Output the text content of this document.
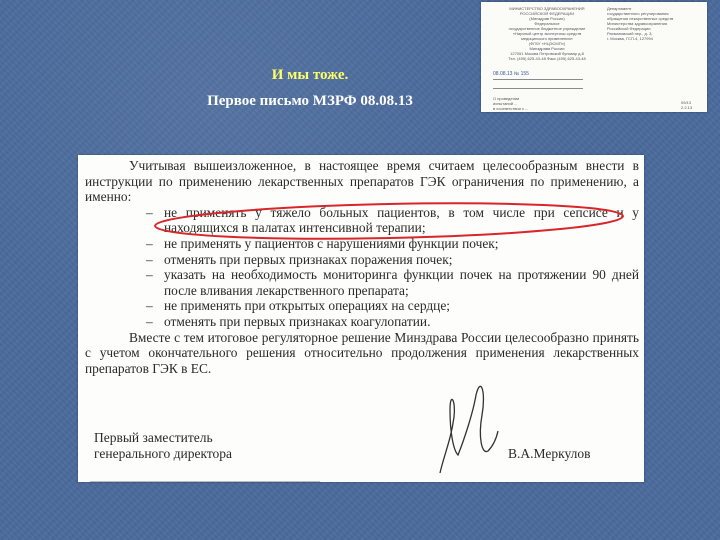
И мы тоже.
Первое письмо МЗРФ 08.08.13
МИНИСТЕРСТВО ЗДРАВООХРАНЕНИЯ
РОССИЙСКОЙ ФЕДЕРАЦИИ
(Минздрав России)
Федеральное
государственное бюджетное учреждение
«Научный центр экспертизы средств
медицинского применения»
(ФГБУ «НЦЭСМП»)
Минздрава России
127051 Москва Петровский бульвар д.8
Тел. (495) 625-43-48 Факс (495) 625-43-48
Департамент
государственного регулирования
обращения лекарственных средств
Министерства здравоохранения
Российской Федерации
Рахмановский пер., д. 3,
г. Москва, ГСП-4, 127994
08.08.13 № 155
О проведении
испытаний ...
в соответствии с ...
09/13
2.2.13

Учитывая вышеизложенное, в настоящее время считаем целесообразным внести в инструкции по применению лекарственных препаратов ГЭК ограничения по применению, а именно:

– не применять у тяжело больных пациентов, в том числе при сепсисе и у находящихся в палатах интенсивной терапии;
– не применять у пациентов с нарушениями функции почек;
– отменять при первых признаках поражения почек;
– указать на необходимость мониторинга функции почек на протяжении 90 дней после вливания лекарственного препарата;
– не применять при открытых операциях на сердце;
– отменять при первых признаках коагулопатии.

Вместе с тем итоговое регуляторное решение Минздрава России целесообразно принять с учетом окончательного решения относительно продолжения применения лекарственных препаратов ГЭК в ЕС.

Первый заместитель
генерального директора	В.А.Меркулов
